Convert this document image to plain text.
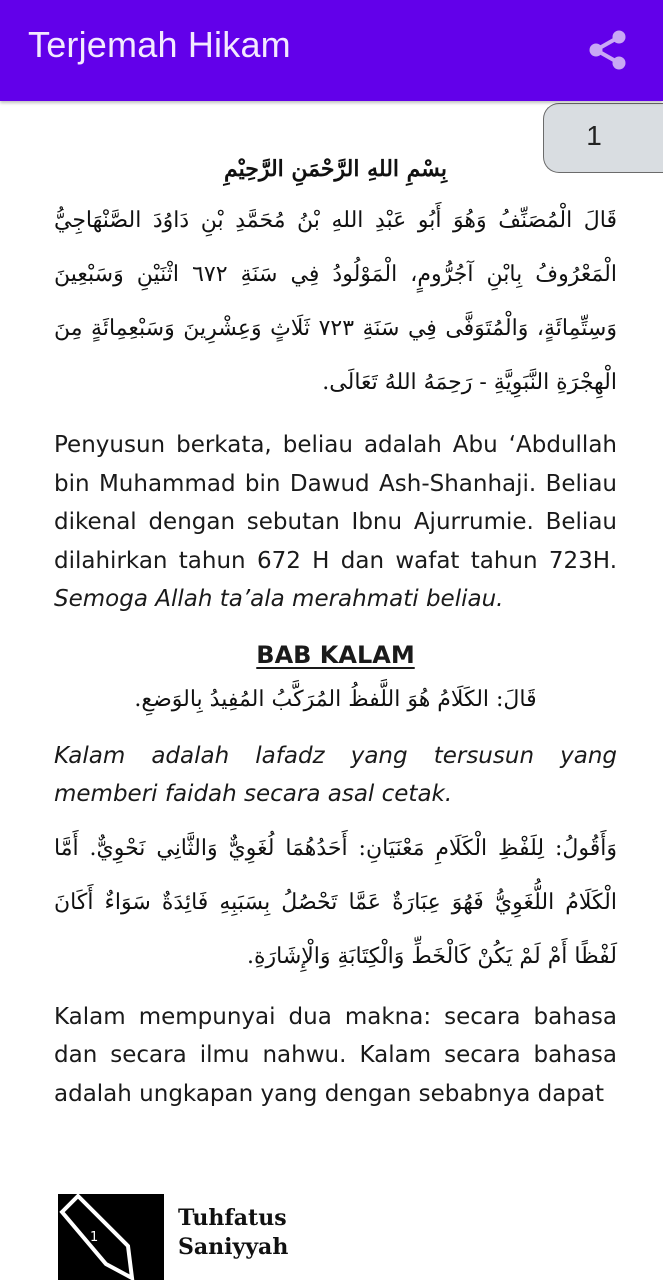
Terjemah Hikam
1
بِسْمِ اللهِ الرَّحْمَنِ الرَّحِيْمِ
قَالَ الْمُصَنِّفُ وَهُوَ أَبُو عَبْدِ اللهِ بْنُ مُحَمَّدِ بْنِ دَاوُدَ الصَّنْهَاجِيُّ الْمَعْرُوفُ بِابْنِ آجُرُّومٍ، الْمَوْلُودُ فِي سَنَةِ ٦٧٢ اثْنَيْنِ وَسَبْعِينَ وَسِتِّمِائَةٍ، وَالْمُتَوَفَّى فِي سَنَةِ ٧٢٣ ثَلَاثٍ وَعِشْرِينَ وَسَبْعِمِائَةٍ مِنَ الْهِجْرَةِ النَّبَوِيَّةِ - رَحِمَهُ اللهُ تَعَالَى.

Penyusun berkata, beliau adalah Abu ‘Abdullah bin Muhammad bin Dawud Ash-Shanhaji. Beliau dikenal dengan sebutan Ibnu Ajurrumie. Beliau dilahirkan tahun 672 H dan wafat tahun 723H. Semoga Allah ta’ala merahmati beliau.

BAB KALAM

قَالَ: الكَلَامُ هُوَ اللَّفظُ المُرَكَّبُ المُفِيدُ بِالوَضعِ.

Kalam adalah lafadz yang tersusun yang memberi faidah secara asal cetak.

وَأَقُولُ: لِلَفْظِ الْكَلَامِ مَعْنَيَانِ: أَحَدُهُمَا لُغَوِيٌّ وَالثَّانِي نَحْوِيٌّ. أَمَّا الْكَلَامُ اللُّغَوِيُّ فَهُوَ عِبَارَةٌ عَمَّا تَحْصُلُ بِسَبَبِهِ فَائِدَةٌ سَوَاءٌ أَكَانَ لَفْظًا أَمْ لَمْ يَكُنْ كَالْخَطِّ وَالْكِتَابَةِ وَالْإِشَارَةِ.

Kalam mempunyai dua makna: secara bahasa dan secara ilmu nahwu. Kalam secara bahasa adalah ungkapan yang dengan sebabnya dapat

1
Tuhfatus
Saniyyah
